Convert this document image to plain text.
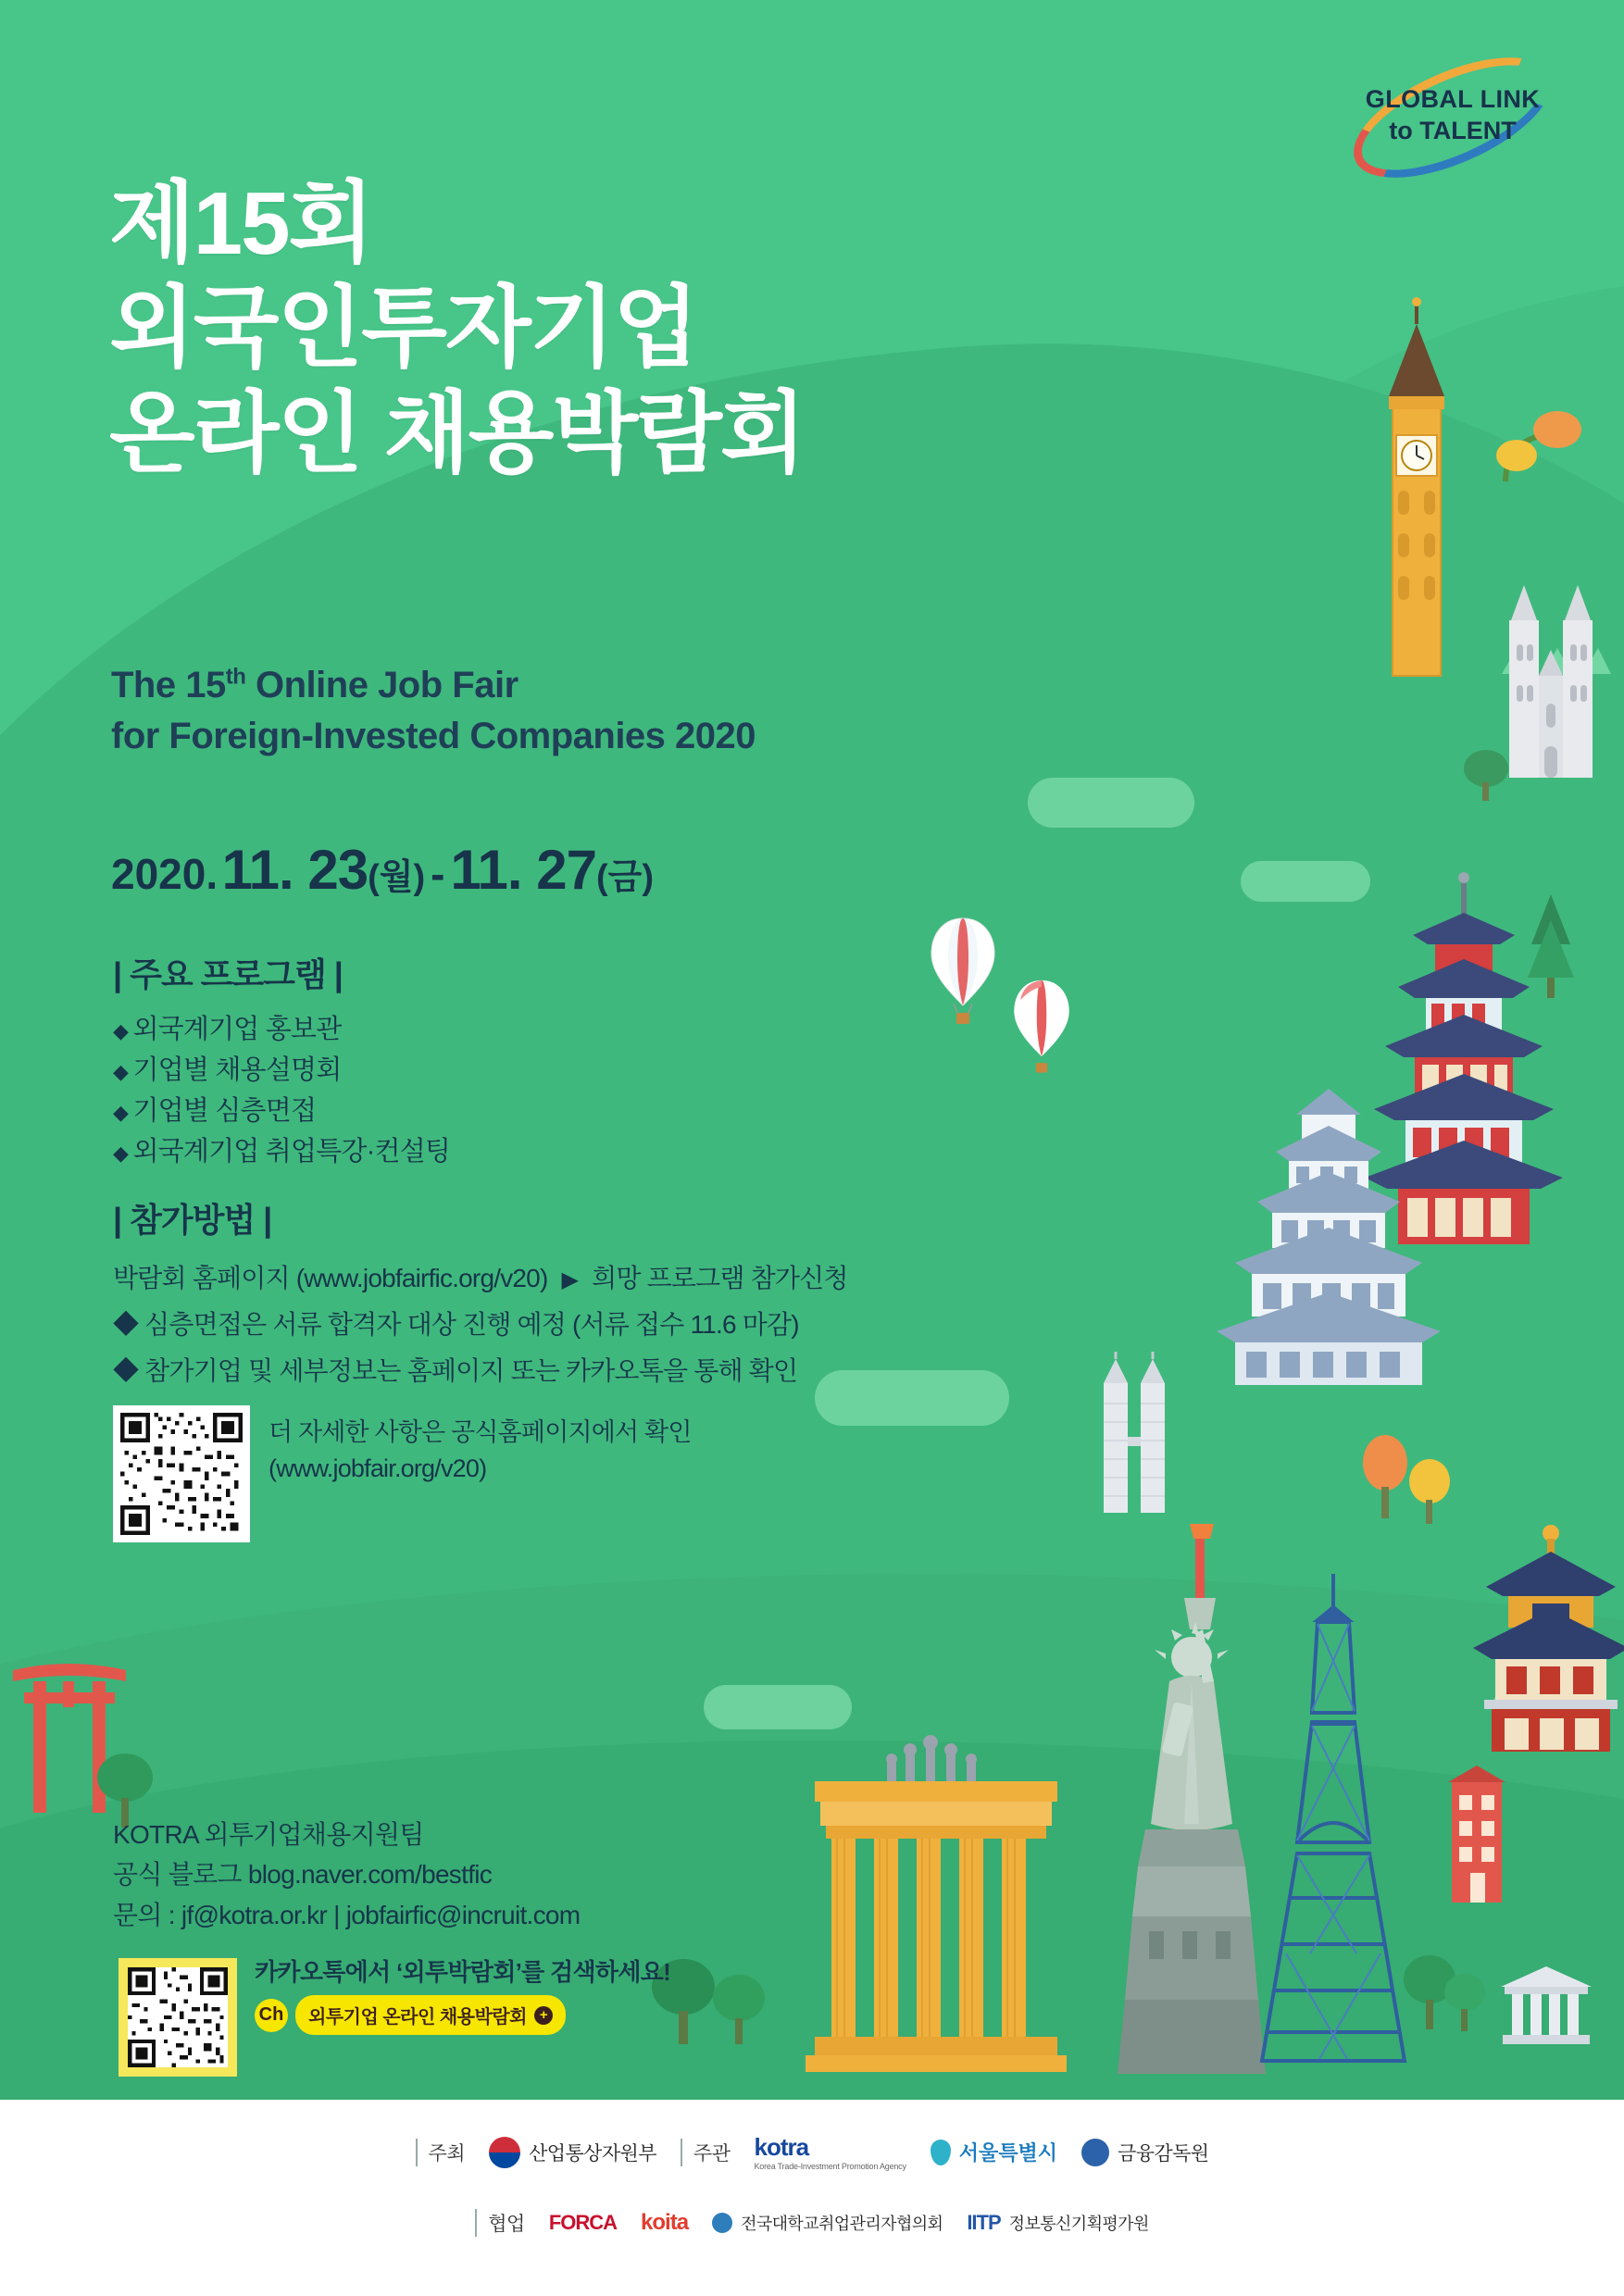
GLOBAL LINK
to TALENT
제15회
외국인투자기업
온라인 채용박람회
The 15th Online Job Fair
for Foreign-Invested Companies 2020
2020. 11. 23(월) - 11. 27(금)
| 주요 프로그램 |
◆ 외국계기업 홍보관
◆ 기업별 채용설명회
◆ 기업별 심층면접
◆ 외국계기업 취업특강·컨설팅
| 참가방법 |
박람회 홈페이지 (www.jobfairfic.org/v20) ▶ 희망 프로그램 참가신청
◆ 심층면접은 서류 합격자 대상 진행 예정 (서류 접수 11.6 마감)
◆ 참가기업 및 세부정보는 홈페이지 또는 카카오톡을 통해 확인
더 자세한 사항은 공식홈페이지에서 확인
(www.jobfair.org/v20)
KOTRA 외투기업채용지원팀
공식 블로그 blog.naver.com/bestfic
문의 : jf@kotra.or.kr | jobfairfic@incruit.com
카카오톡에서 ‘외투박람회’를 검색하세요!
Ch 외투기업 온라인 채용박람회 +
주최	산업통상자원부	주관 kotra
Korea Trade-Investment Promotion Agency
서울특별시	금융감독원
협업 FORCA koita	전국대학교취업관리자협의회 IITP 정보통신기획평가원
